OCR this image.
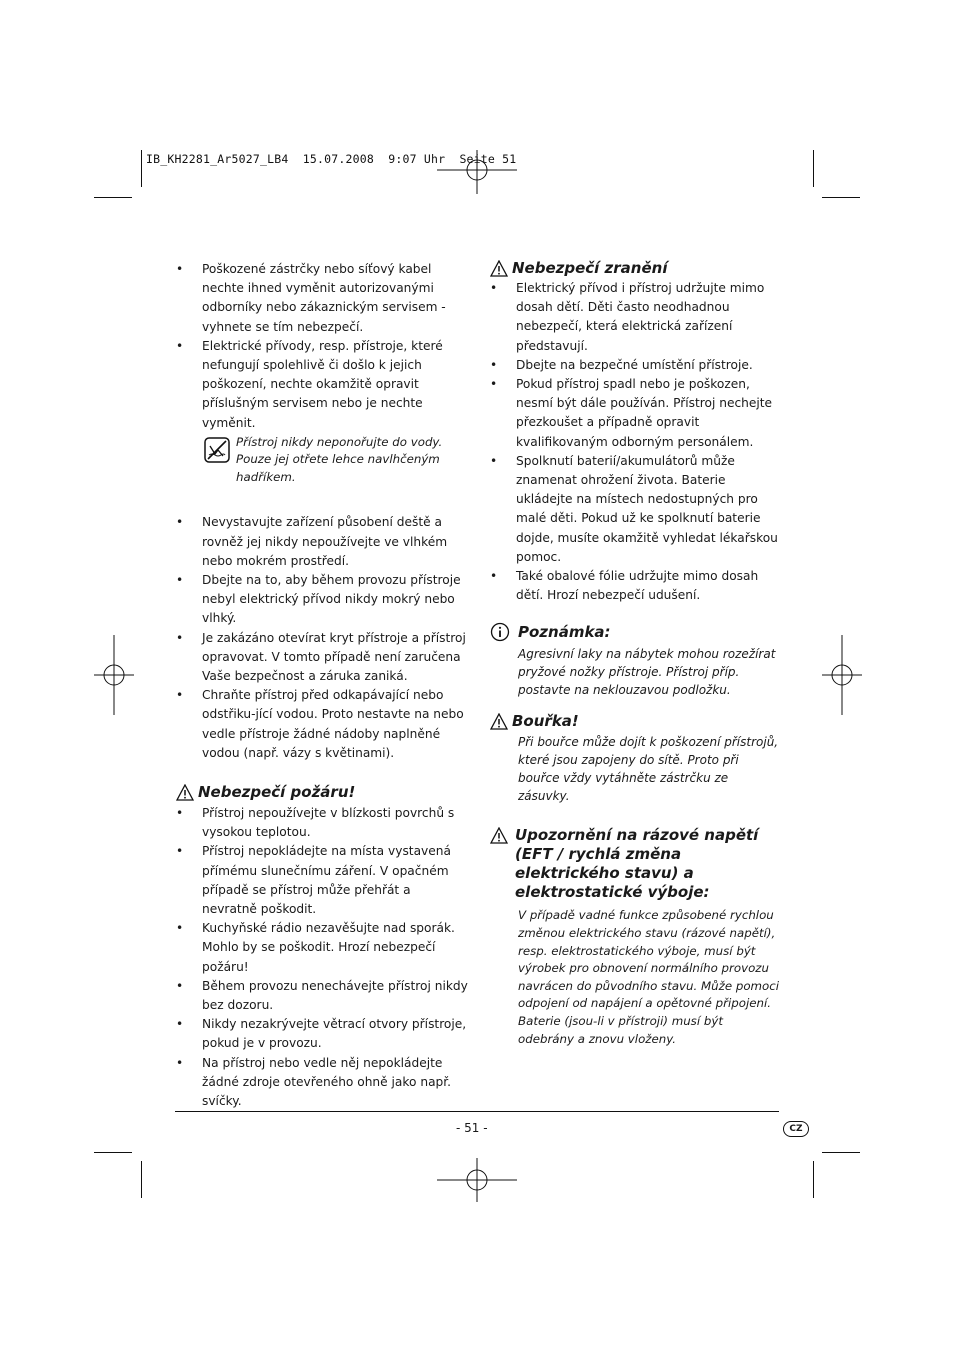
IB_KH2281_Ar5027_LB4  15.07.2008  9:07 Uhr  Seite 51
• Poškozené zástrčky nebo síťový kabel nechte ihned vyměnit autorizovanými odborníky nebo zákaznickým servisem - vyhnete se tím nebezpečí.
• Elektrické přívody, resp. přístroje, které nefungují spolehlivě či došlo k jejich poškození, nechte okamžitě opravit příslušným servisem nebo je nechte vyměnit.
Přístroj nikdy neponořujte do vody. Pouze jej otřete lehce navlhčeným hadříkem.
• Nevystavujte zařízení působení deště a rovněž jej nikdy nepoužívejte ve vlhkém nebo mokrém prostředí.
• Dbejte na to, aby během provozu přístroje nebyl elektrický přívod nikdy mokrý nebo vlhký.
• Je zakázáno otevírat kryt přístroje a přístroj opravovat. V tomto případě není zaručena Vaše bezpečnost a záruka zaniká.
• Chraňte přístroj před odkapávající nebo odstřiku-jící vodou. Proto nestavte na nebo vedle přístroje žádné nádoby naplněné vodou (např. vázy s květinami).
Nebezpečí požáru!
• Přístroj nepoužívejte v blízkosti povrchů s vysokou teplotou.
• Přístroj nepokládejte na místa vystavená přímému slunečnímu záření. V opačném případě se přístroj může přehřát a nevratně poškodit.
• Kuchyňské rádio nezavěšujte nad sporák. Mohlo by se poškodit. Hrozí nebezpečí požáru!
• Během provozu nenechávejte přístroj nikdy bez dozoru.
• Nikdy nezakrývejte větrací otvory přístroje, pokud je v provozu.
• Na přístroj nebo vedle něj nepokládejte žádné zdroje otevřeného ohně jako např. svíčky.
Nebezpečí zranění
• Elektrický přívod i přístroj udržujte mimo dosah dětí. Děti často neodhadnou nebezpečí, která elektrická zařízení představují.
• Dbejte na bezpečné umístění přístroje.
• Pokud přístroj spadl nebo je poškozen, nesmí být dále používán. Přístroj nechejte přezkoušet a případně opravit kvalifikovaným odborným personálem.
• Spolknutí baterií/akumulátorů může znamenat ohrožení života. Baterie ukládejte na místech nedostupných pro malé děti. Pokud už ke spolknutí baterie dojde, musíte okamžitě vyhledat lékařskou pomoc.
• Také obalové fólie udržujte mimo dosah dětí. Hrozí nebezpečí udušení.
Poznámka:
Agresivní laky na nábytek mohou rozežírat pryžové nožky přístroje. Přístroj příp. postavte na neklouzavou podložku.
Bouřka!
Při bouřce může dojít k poškození přístrojů, které jsou zapojeny do sítě. Proto při bouřce vždy vytáhněte zástrčku ze zásuvky.
Upozornění na rázové napětí (EFT / rychlá změna elektrického stavu) a elektrostatické výboje:
V případě vadné funkce způsobené rychlou změnou elektrického stavu (rázové napětí), resp. elektrostatického výboje, musí být výrobek pro obnovení normálního provozu navrácen do původního stavu. Může pomoci odpojení od napájení a opětovné připojení. Baterie (jsou-li v přístroji) musí být odebrány a znovu vloženy.
- 51 -	CZ
